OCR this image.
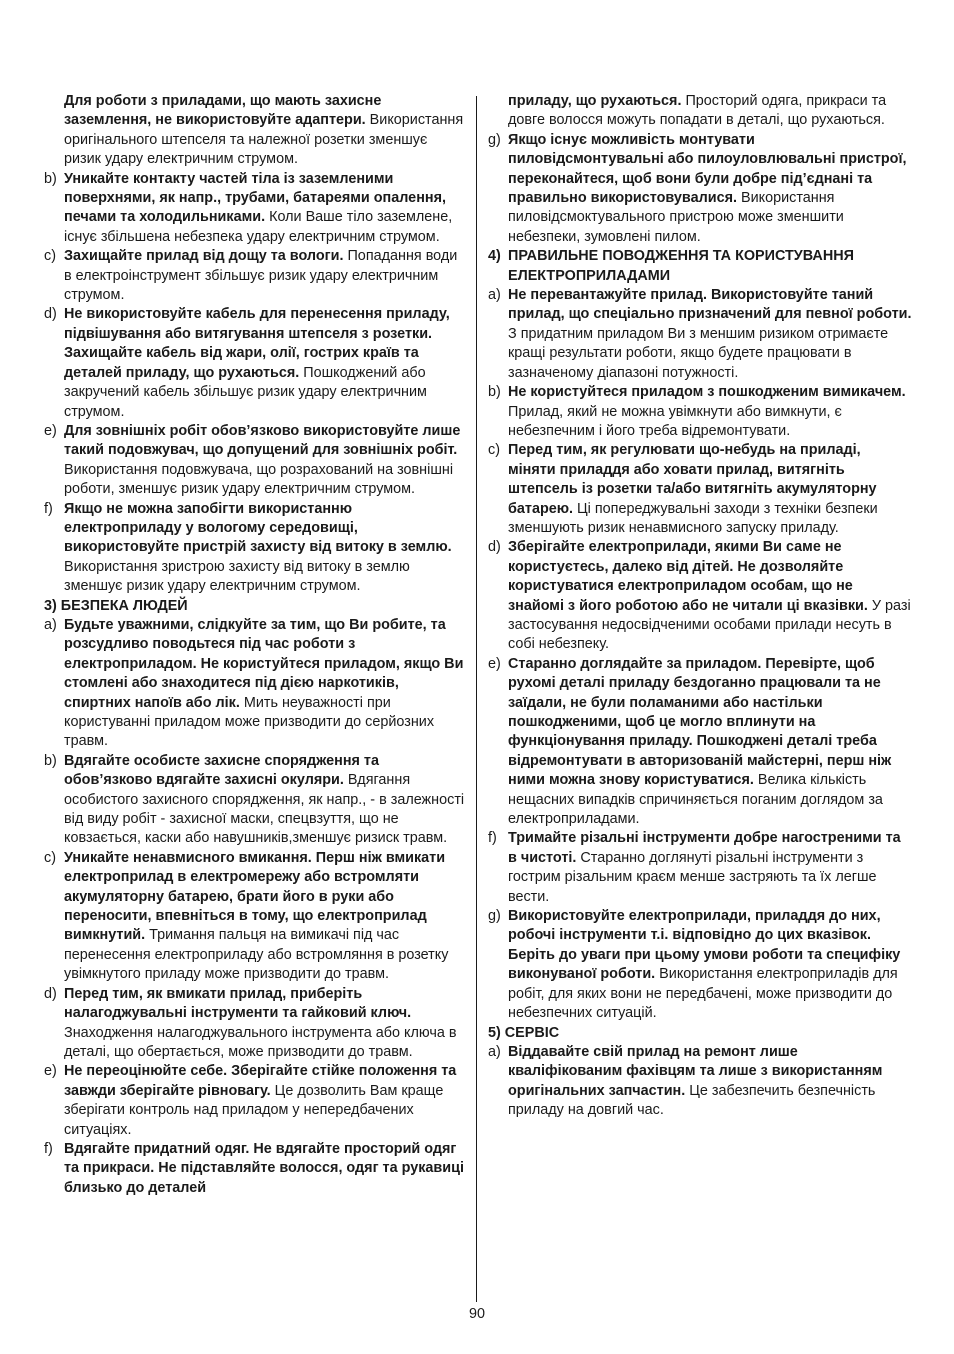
Для роботи з приладами, що мають захисне заземлення, не використовуйте адаптери. Використання оригінального штепселя та належної розетки зменшує ризик удару електричним струмом.
b) Уникайте контакту частей тіла із заземленими поверхнями, як напр., трубами, батареями опалення, печами та холодильниками. Коли Ваше тіло заземлене, існує збільшена небезпека удару електричним струмом.
c) Захищайте прилад від дощу та вологи. Попадання води в електроінструмент збільшує ризик удару електричним струмом.
d) Не використовуйте кабель для перенесення приладу, підвішування або витягування штепселя з розетки. Захищайте кабель від жари, олії, гострих країв та деталей приладу, що рухаються. Пошкоджений або закручений кабель збільшує ризик удару електричним струмом.
e) Для зовнішніх робіт обов’язково використовуйте лише такий подовжувач, що допущений для зовнішніх робіт. Використання подовжувача, що розрахований на зовнішні роботи, зменшує ризик удару електричним струмом.
f) Якщо не можна запобігти використанню електроприладу у вологому середовищі, використовуйте пристрій захисту від витоку в землю. Використання зристрою захисту від витоку в землю зменшує ризик удару електричним струмом.
3) БЕЗПЕКА ЛЮДЕЙ
a) Будьте уважними, слідкуйте за тим, що Ви робите, та розсудливо поводьтеся під час роботи з електроприладом. Не користуйтеся приладом, якщо Ви стомлені або знаходитеся під дією наркотиків, спиртних напоїв або лік. Мить неуважності при користуванні приладом може призводити до серйозних травм.
b) Вдягайте особисте захисне спорядження та обов’язково вдягайте захисні окуляри. Вдягання особистого захисного спорядження, як напр., - в залежності від виду робіт - захисної маски, спецвзуття, що не ковзається, каски або навушників,зменшує ризиск травм.
c) Уникайте ненавмисного вмикання. Перш ніж вмикати електроприлад в електромережу або встромляти акумуляторну батарею, брати його в руки або переносити, впевніться в тому, що електроприлад вимкнутий. Тримання пальця на вимикачі під час перенесення електроприладу або встромляння в розетку увімкнутого приладу може призводити до травм.
d) Перед тим, як вмикати прилад, приберіть налагоджувальні інструменти та гайковий ключ. Знаходження налагоджувального інструмента або ключа в деталі, що обертається, може призводити до травм.
e) Не переоцінюйте себе. Зберігайте стійке положення та завжди зберігайте рівновагу. Це дозволить Вам краще зберігати контроль над приладом у непередбачених ситуаціях.
f) Вдягайте придатний одяг. Не вдягайте просторий одяг та прикраси. Не підставляйте волосся, одяг та рукавиці близько до деталей
приладу, що рухаються. Просторий одяга, прикраси та довге волосся можуть попадати в деталі, що рухаються.
g) Якщо існує можливість монтувати пиловідсмонтувальні або пилоуловлювальні пристрої, переконайтеся, щоб вони були добре під’єднані та правильно використовувалися. Використання пиловідсмоктувального пристрою може зменшити небезпеки, зумовлені пилом.
4) ПРАВИЛЬНЕ ПОВОДЖЕННЯ ТА КОРИСТУВАННЯ ЕЛЕКТРОПРИЛАДАМИ
a) Не перевантажуйте прилад. Використовуйте таний прилад, що спеціально призначений для певної роботи. З придатним приладом Ви з меншим ризиком отримаєте кращі результати роботи, якщо будете працювати в зазначеному діапазоні потужності.
b) Не користуйтеся приладом з пошкодженим вимикачем. Прилад, який не можна увімкнути або вимкнути, є небезпечним і його треба відремонтувати.
c) Перед тим, як регулювати що-небудь на приладі, міняти приладдя або ховати прилад, витягніть штепсель із розетки та/або витягніть акумуляторну батарею. Ці попереджувальні заходи з техніки безпеки зменшують ризик ненавмисного запуску приладу.
d) Зберігайте електроприлади, якими Ви саме не користуєтесь, далеко від дітей. Не дозволяйте користуватися електроприладом особам, що не знайомі з його роботою або не читали ці вказівки. У разі застосування недосвідченими особами прилади несуть в собі небезпеку.
e) Старанно доглядайте за приладом. Перевірте, щоб рухомі деталі приладу бездоганно працювали та не заїдали, не були поламаними або настільки пошкодженими, щоб це могло вплинути на функціонування приладу. Пошкоджені деталі треба відремонтувати в авторизованій майстерні, перш ніж ними можна знову користуватися. Велика кількість нещасних випадків спричиняється поганим доглядом за електроприладами.
f) Тримайте різальні інструменти добре нагостреними та в чистоті. Старанно доглянуті різальні інструменти з гострим різальним краєм менше застряють та їх легше вести.
g) Використовуйте електроприлади, приладдя до них, робочі інструменти т.і. відповідно до цих вказівок. Беріть до уваги при цьому умови роботи та специфіку виконуваної роботи. Використання електроприладів для робіт, для яких вони не передбачені, може призводити до небезпечних ситуацій.
5) СЕРВІС
a) Віддавайте свій прилад на ремонт лише кваліфікованим фахівцям та лише з використанням оригінальних запчастин. Це забезпечить безпечність приладу на довгий час.
90
